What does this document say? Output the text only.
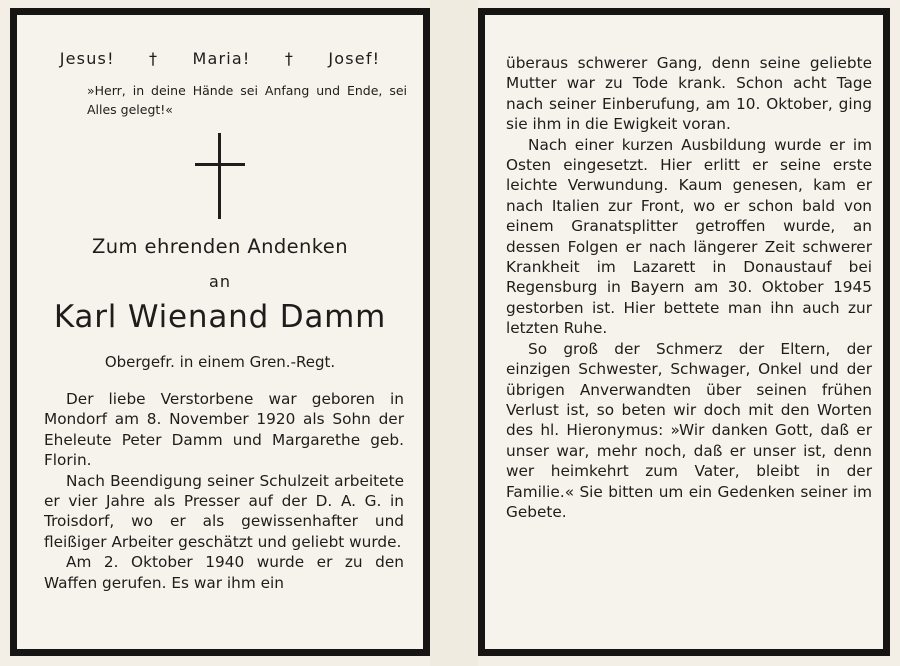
Jesus! † Maria! † Josef!
»Herr, in deine Hände sei Anfang und Ende, sei Alles gelegt!«
Zum ehrenden Andenken
an
Karl Wienand Damm
Obergefr. in einem Gren.-Regt.

Der liebe Verstorbene war geboren in Mondorf am 8. November 1920 als Sohn der Eheleute Peter Damm und Margarethe geb. Florin.

Nach Beendigung seiner Schulzeit arbeitete er vier Jahre als Presser auf der D. A. G. in Troisdorf, wo er als gewissenhafter und fleißiger Arbeiter geschätzt und geliebt wurde.

Am 2. Oktober 1940 wurde er zu den Waffen gerufen. Es war ihm ein

überaus schwerer Gang, denn seine geliebte Mutter war zu Tode krank. Schon acht Tage nach seiner Einberufung, am 10. Oktober, ging sie ihm in die Ewigkeit voran.

Nach einer kurzen Ausbildung wurde er im Osten eingesetzt. Hier erlitt er seine erste leichte Verwundung. Kaum genesen, kam er nach Italien zur Front, wo er schon bald von einem Granatsplitter getroffen wurde, an dessen Folgen er nach längerer Zeit schwerer Krankheit im Lazarett in Donaustauf bei Regensburg in Bayern am 30. Oktober 1945 gestorben ist. Hier bettete man ihn auch zur letzten Ruhe.

So groß der Schmerz der Eltern, der einzigen Schwester, Schwager, Onkel und der übrigen Anverwandten über seinen frühen Verlust ist, so beten wir doch mit den Worten des hl. Hieronymus: »Wir danken Gott, daß er unser war, mehr noch, daß er unser ist, denn wer heimkehrt zum Vater, bleibt in der Familie.« Sie bitten um ein Gedenken seiner im Gebete.
